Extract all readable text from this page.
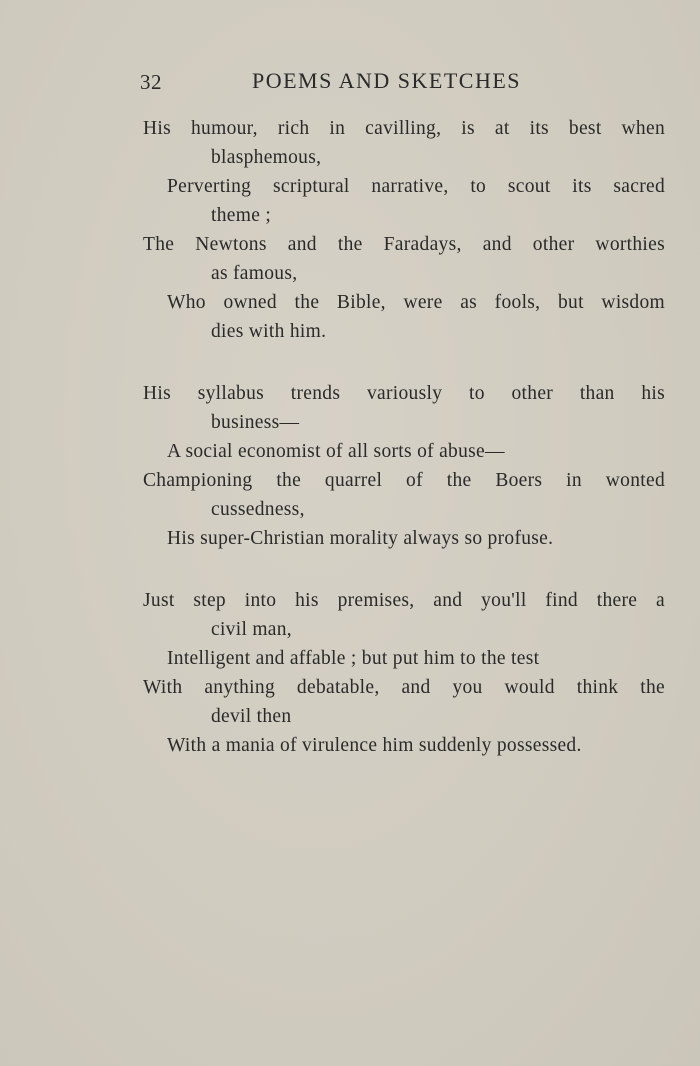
32	POEMS AND SKETCHES
His humour, rich in cavilling, is at its best when
blasphemous,
Perverting scriptural narrative, to scout its sacred
theme ;
The Newtons and the Faradays, and other worthies
as famous,
Who owned the Bible, were as fools, but wisdom
dies with him.
His syllabus trends variously to other than his
business—
A social economist of all sorts of abuse—
Championing the quarrel of the Boers in wonted
cussedness,
His super-Christian morality always so profuse.
Just step into his premises, and you'll find there a
civil man,
Intelligent and affable ; but put him to the test
With anything debatable, and you would think the
devil then
With a mania of virulence him suddenly possessed.
